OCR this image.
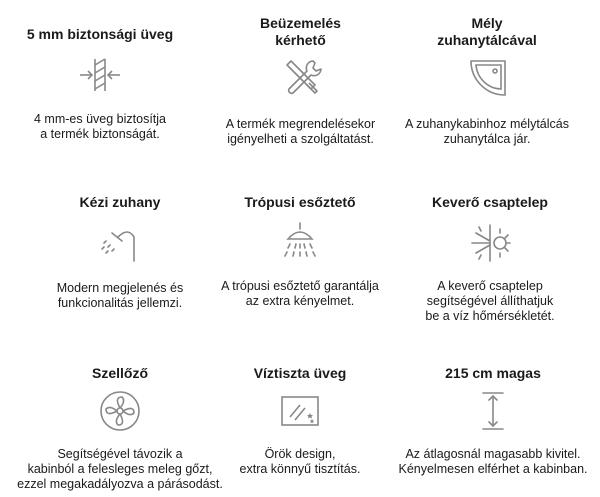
5 mm biztonsági üveg

4 mm-es üveg biztosítja

a termék biztonságát.

Beüzemelés

kérhető

A termék megrendelésekor

igényelheti a szolgáltatást.

Mély

zuhanytálcával

A zuhanykabinhoz mélytálcás

zuhanytálca jár.

Kézi zuhany

Modern megjelenés és

funkcionalitás jellemzi.

Trópusi esőztető

A trópusi esőztető garantálja

az extra kényelmet.

Keverő csaptelep

A keverő csaptelep

segítségével állíthatjuk

be a víz hőmérsékletét.

Szellőző

Segítségével távozik a

kabinból a felesleges meleg gőzt,

ezzel megakadályozva a párásodást.

Víztiszta üveg

Örök design,

extra könnyű tisztítás.

215 cm magas

Az átlagosnál magasabb kivitel.

Kényelmesen elférhet a kabinban.
